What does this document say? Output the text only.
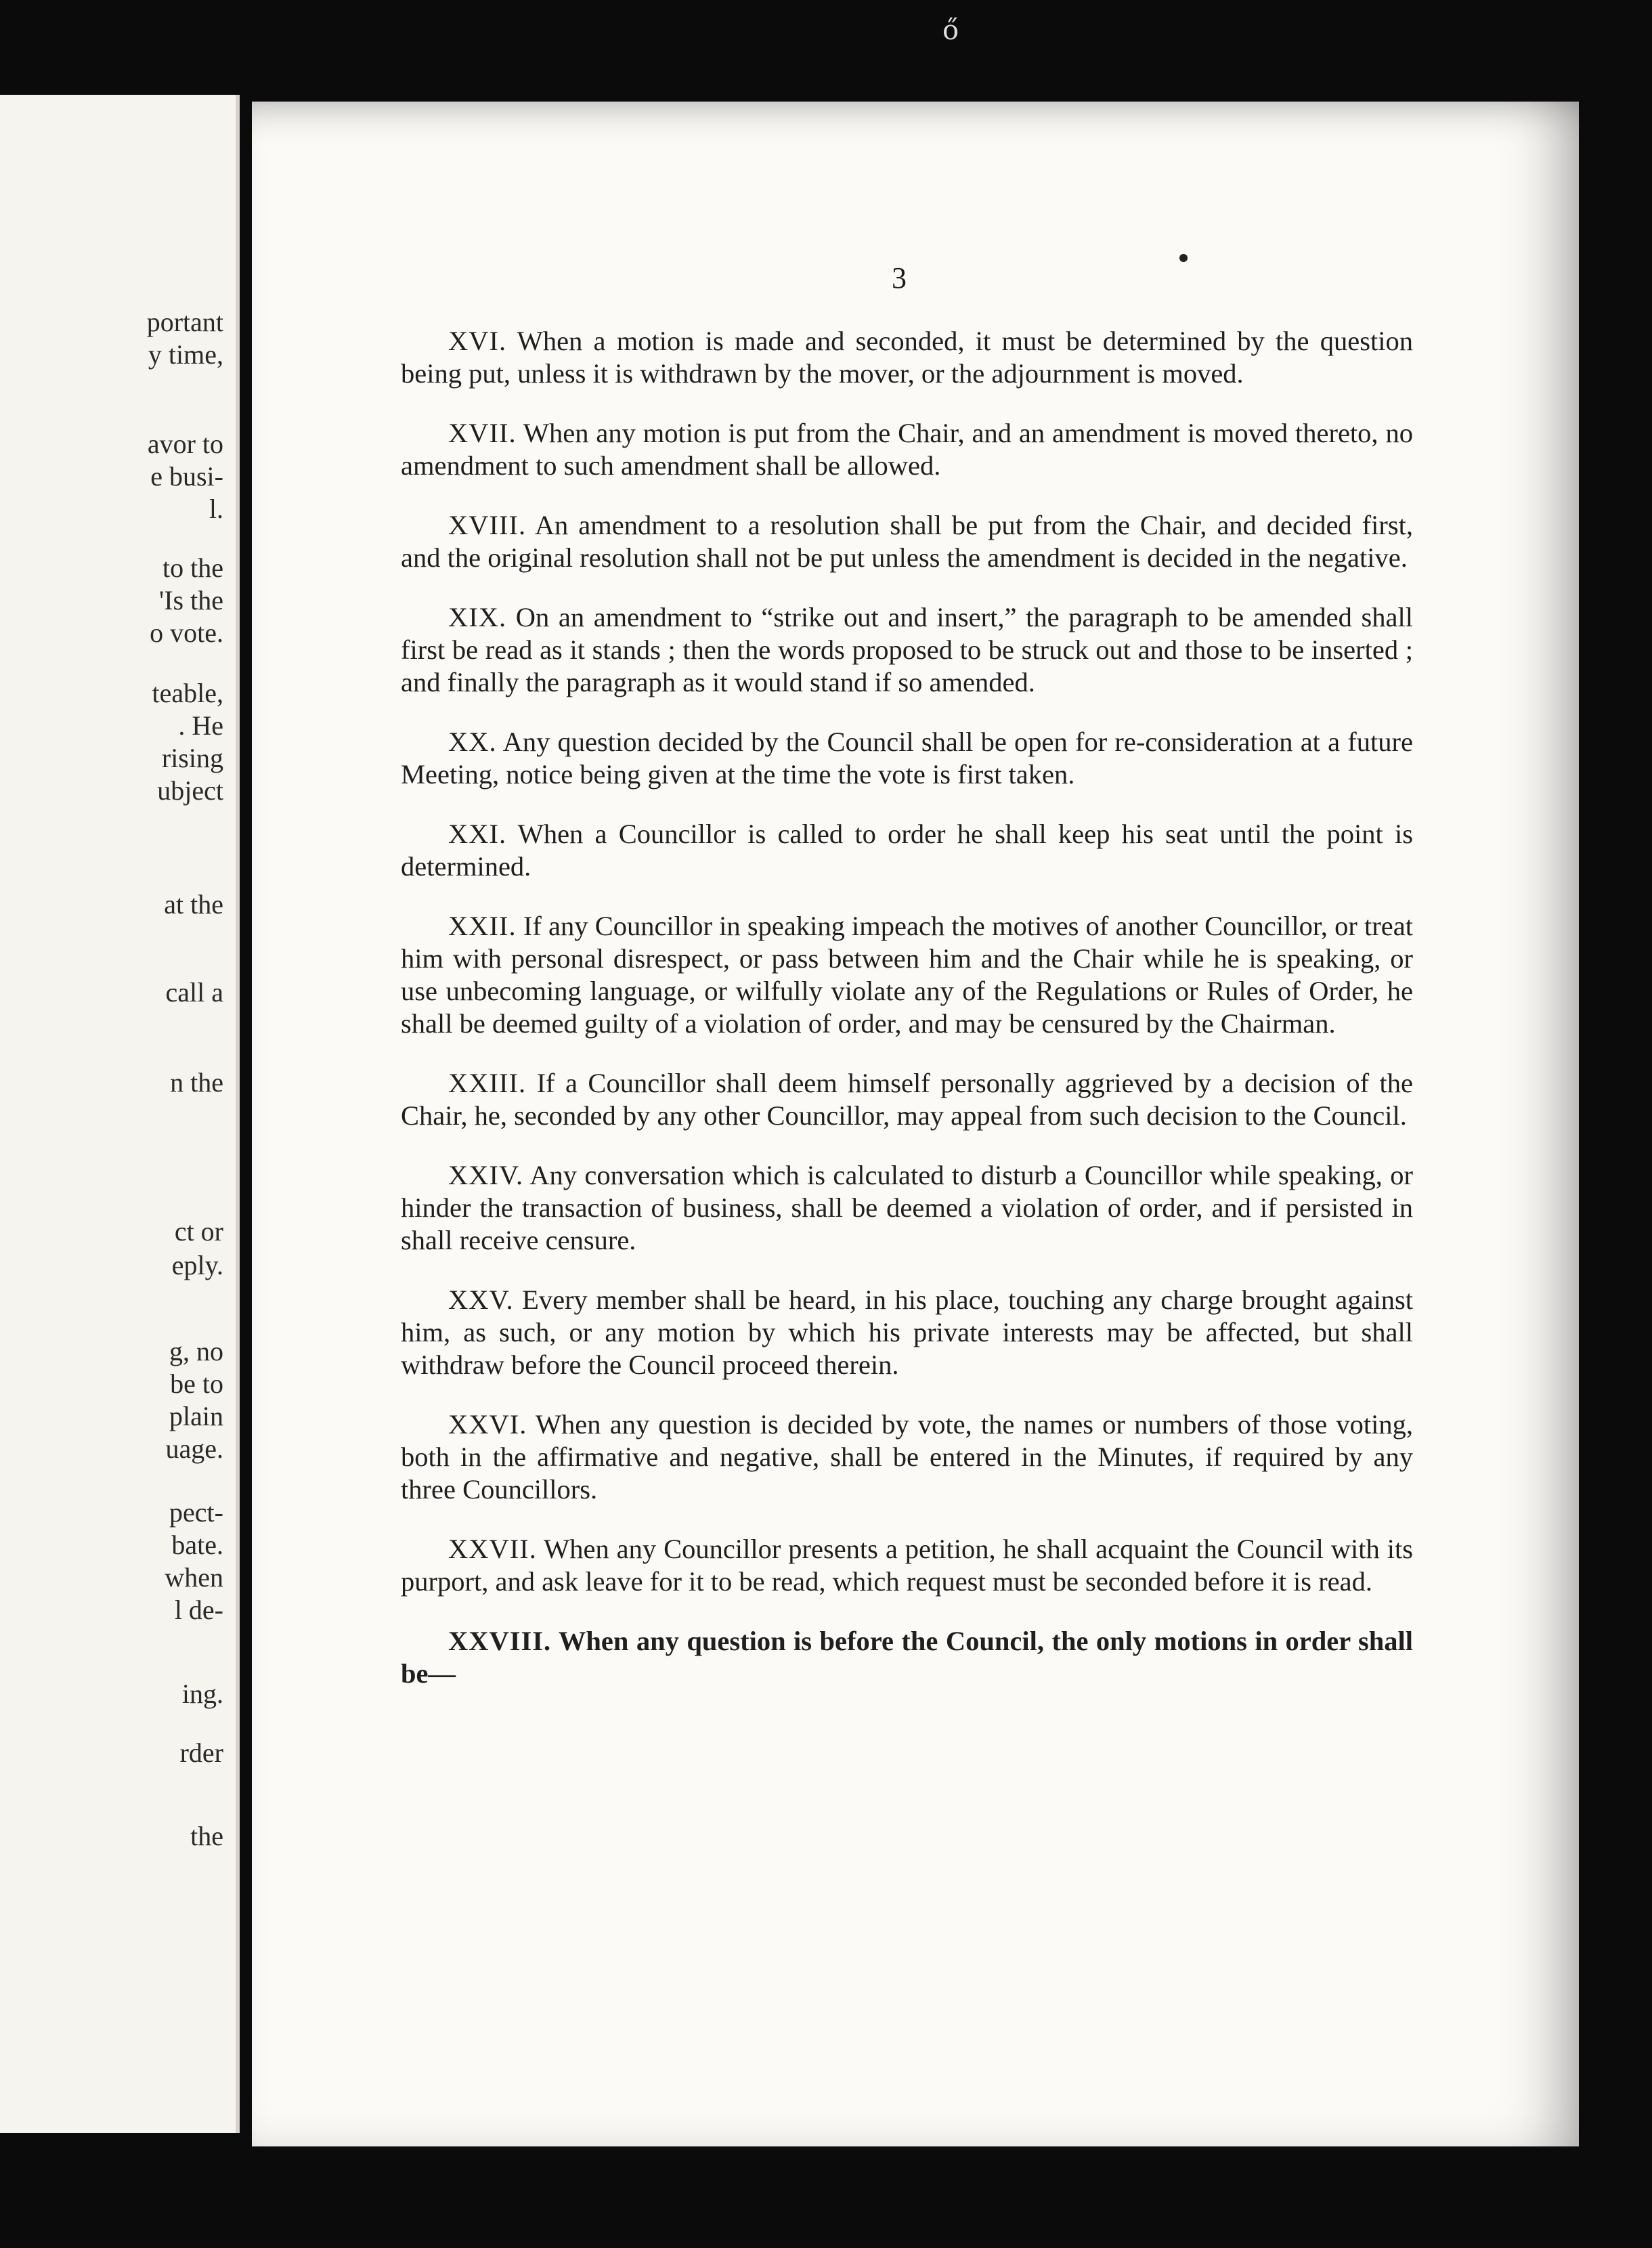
portant
y time,
avor to
e busi-
l.
to the
'Is the
o vote.
teable,
. He
rising
ubject
at the
call a
n the
ct or
eply.
g, no
be to
plain
uage.
pect-
bate.
when
l de-
ing.
rder
the
ő
3

XVI. When a motion is made and seconded, it must be determined by the question being put, unless it is withdrawn by the mover, or the adjournment is moved.

XVII. When any motion is put from the Chair, and an amendment is moved thereto, no amendment to such amendment shall be allowed.

XVIII. An amendment to a resolution shall be put from the Chair, and decided first, and the original resolution shall not be put unless the amendment is decided in the negative.

XIX. On an amendment to “strike out and insert,” the paragraph to be amended shall first be read as it stands ; then the words proposed to be struck out and those to be inserted ; and finally the paragraph as it would stand if so amended.

XX. Any question decided by the Council shall be open for re-consideration at a future Meeting, notice being given at the time the vote is first taken.

XXI. When a Councillor is called to order he shall keep his seat until the point is determined.

XXII. If any Councillor in speaking impeach the motives of another Councillor, or treat him with personal disrespect, or pass between him and the Chair while he is speaking, or use unbecoming language, or wilfully violate any of the Regulations or Rules of Order, he shall be deemed guilty of a violation of order, and may be censured by the Chairman.

XXIII. If a Councillor shall deem himself personally aggrieved by a decision of the Chair, he, seconded by any other Councillor, may appeal from such decision to the Council.

XXIV. Any conversation which is calculated to disturb a Councillor while speaking, or hinder the transaction of business, shall be deemed a violation of order, and if persisted in shall receive censure.

XXV. Every member shall be heard, in his place, touching any charge brought against him, as such, or any motion by which his private interests may be affected, but shall withdraw before the Council proceed therein.

XXVI. When any question is decided by vote, the names or numbers of those voting, both in the affirmative and negative, shall be entered in the Minutes, if required by any three Councillors.

XXVII. When any Councillor presents a petition, he shall acquaint the Council with its purport, and ask leave for it to be read, which request must be seconded before it is read.

XXVIII. When any question is before the Council, the only motions in order shall be—
